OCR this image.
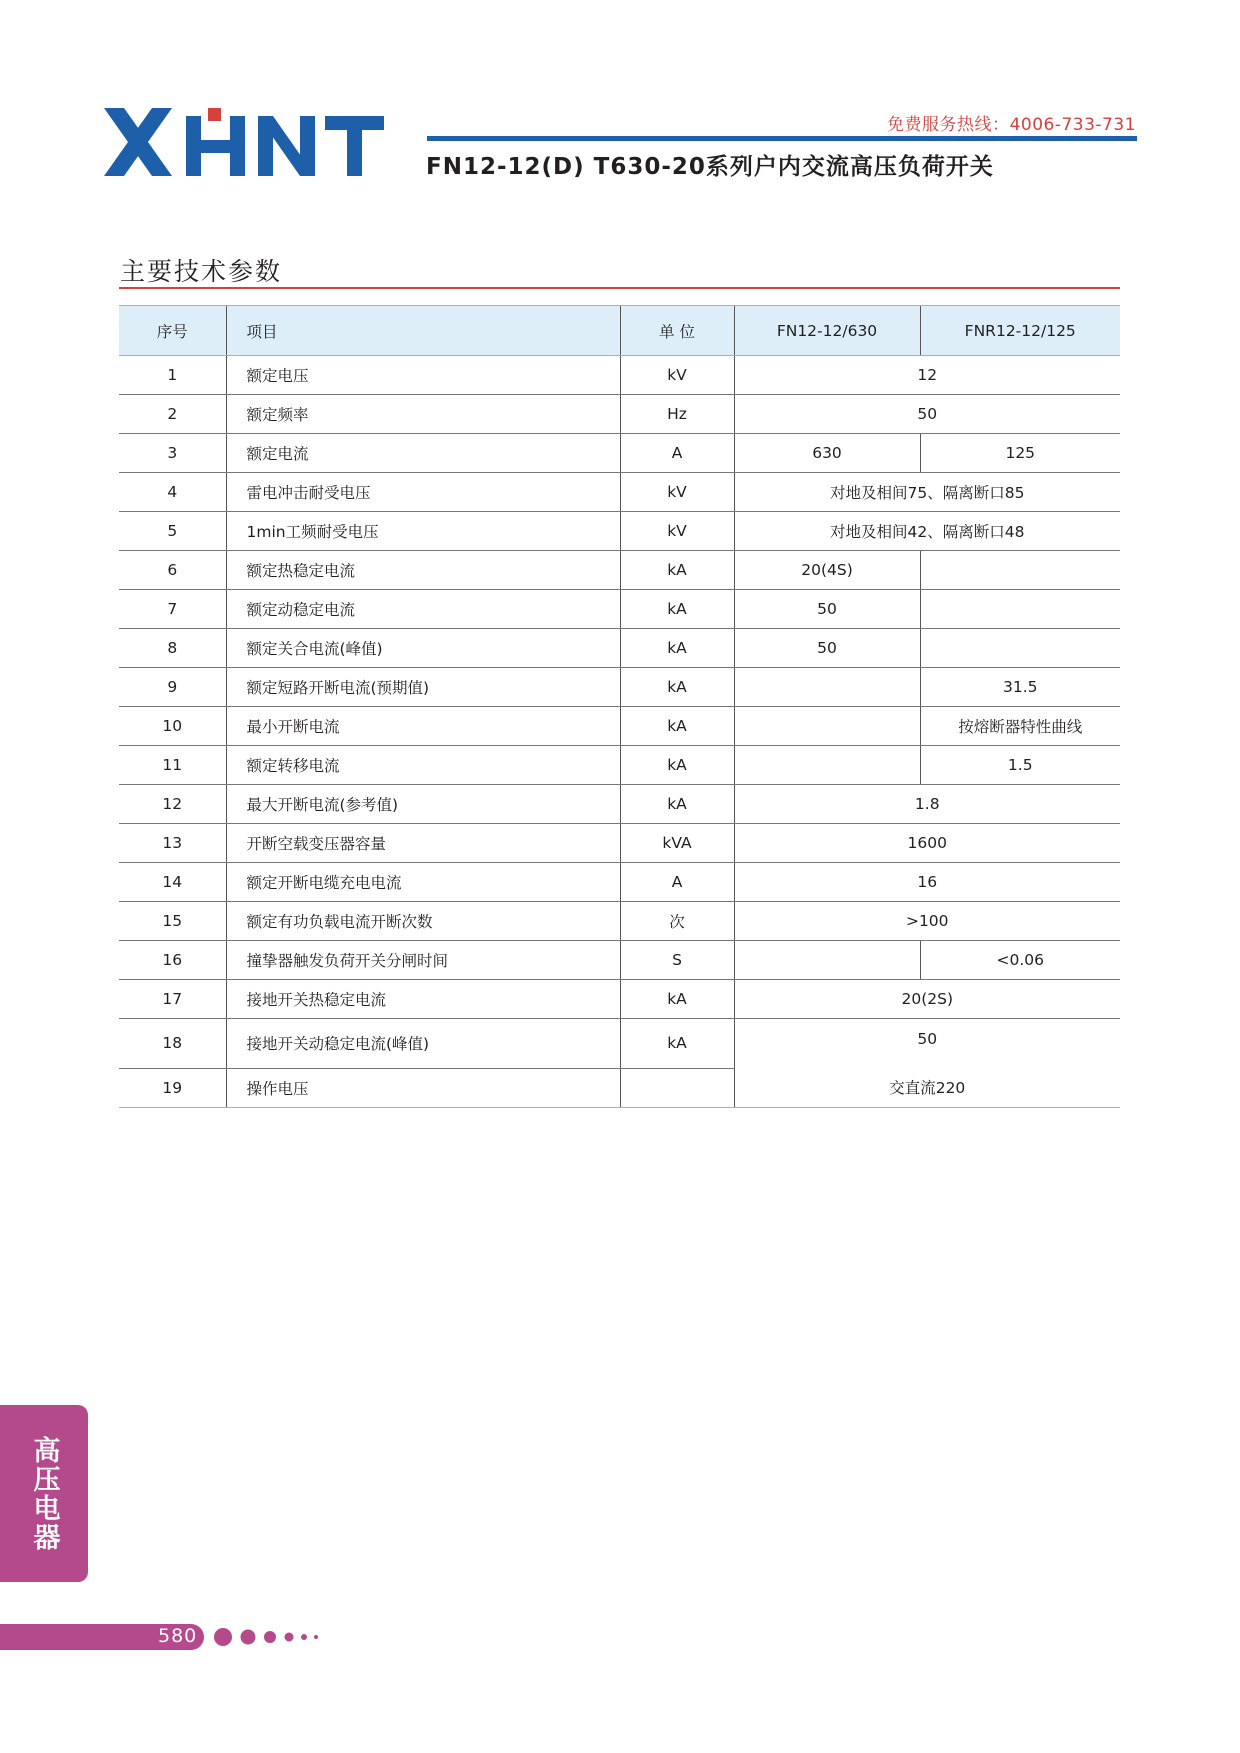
免费服务热线：4006-733-731
FN12-12(D) T630-20系列户内交流高压负荷开关
主要技术参数
序号	项目	单 位	FN12-12/630	FNR12-12/125
1	额定电压	kV	12	
2	额定频率	Hz	50	
3	额定电流	A	630	125
4	雷电冲击耐受电压	kV	对地及相间75、隔离断口85	
5	1min工频耐受电压	kV	对地及相间42、隔离断口48	
6	额定热稳定电流	kA	20(4S)	
7	额定动稳定电流	kA	50	
8	额定关合电流(峰值)	kA	50	
9	额定短路开断电流(预期值)	kA		31.5
10	最小开断电流	kA		按熔断器特性曲线
11	额定转移电流	kA		1.5
12	最大开断电流(参考值)	kA	1.8	
13	开断空载变压器容量	kVA	1600	
14	额定开断电缆充电电流	A	16	
15	额定有功负载电流开断次数	次	>100	
16	撞挚器触发负荷开关分闸时间	S		<0.06
17	接地开关热稳定电流	kA	20(2S)	
18	接地开关动稳定电流(峰值)	kA	50	
19	操作电压		交直流220	
高压电器
580
